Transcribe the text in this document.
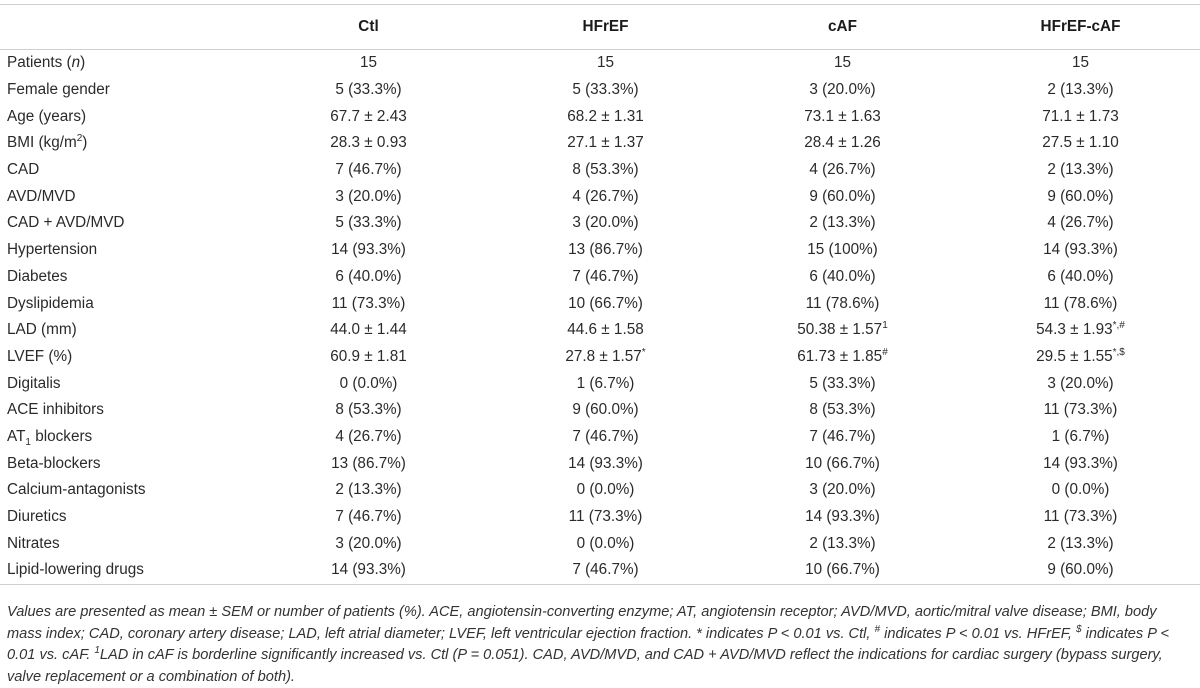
	Ctl	HFrEF	cAF	HFrEF-cAF
Patients (n)	15	15	15	15
Female gender	5 (33.3%)	5 (33.3%)	3 (20.0%)	2 (13.3%)
Age (years)	67.7 ± 2.43	68.2 ± 1.31	73.1 ± 1.63	71.1 ± 1.73
BMI $(kg/m^2)$	28.3 ± 0.93	27.1 ± 1.37	28.4 ± 1.26	27.5 ± 1.10
CAD	7 (46.7%)	8 (53.3%)	4 (26.7%)	2 (13.3%)
AVD/MVD	3 (20.0%)	4 (26.7%)	9 (60.0%)	9 (60.0%)
CAD + AVD/MVD	5 (33.3%)	3 (20.0%)	2 (13.3%)	4 (26.7%)
Hypertension	14 (93.3%)	13 (86.7%)	15 (100%)	14 (93.3%)
Diabetes	6 (40.0%)	7 (46.7%)	6 (40.0%)	6 (40.0%)
Dyslipidemia	11 (73.3%)	10 (66.7%)	11 (78.6%)	11 (78.6%)
LAD (mm)	44.0 ± 1.44	44.6 ± 1.58	$50.38 \pm 1.57^1$	54.3 ± 1.93*,#
LVEF (%)	60.9 ± 1.81	27.8 ± 1.57*	61.73 ± 1.85#	29.5 ± 1.55*,$
Digitalis	0 (0.0%)	1 (6.7%)	5 (33.3%)	3 (20.0%)
ACE inhibitors	8 (53.3%)	9 (60.0%)	8 (53.3%)	11 (73.3%)
$AT_1$ blockers	4 (26.7%)	7 (46.7%)	7 (46.7%)	1 (6.7%)
Beta-blockers	13 (86.7%)	14 (93.3%)	10 (66.7%)	14 (93.3%)
Calcium-antagonists	2 (13.3%)	0 (0.0%)	3 (20.0%)	0 (0.0%)
Diuretics	7 (46.7%)	11 (73.3%)	14 (93.3%)	11 (73.3%)
Nitrates	3 (20.0%)	0 (0.0%)	2 (13.3%)	2 (13.3%)
Lipid-lowering drugs	14 (93.3%)	7 (46.7%)	10 (66.7%)	9 (60.0%)
Values are presented as mean ± SEM or number of patients (%). ACE, angiotensin-converting enzyme; AT, angiotensin receptor; AVD/MVD, aortic/mitral valve disease; BMI, body mass index; CAD, coronary artery disease; LAD, left atrial diameter; LVEF, left ventricular ejection fraction. * indicates P < 0.01 vs. Ctl, # indicates P < 0.01 vs. HFrEF, $ indicates P < 0.01 vs. cAF. $^1$LAD in cAF is borderline significantly increased vs. Ctl (P = 0.051). CAD, AVD/MVD, and CAD + AVD/MVD reflect the indications for cardiac surgery (bypass surgery, valve replacement or a combination of both).
